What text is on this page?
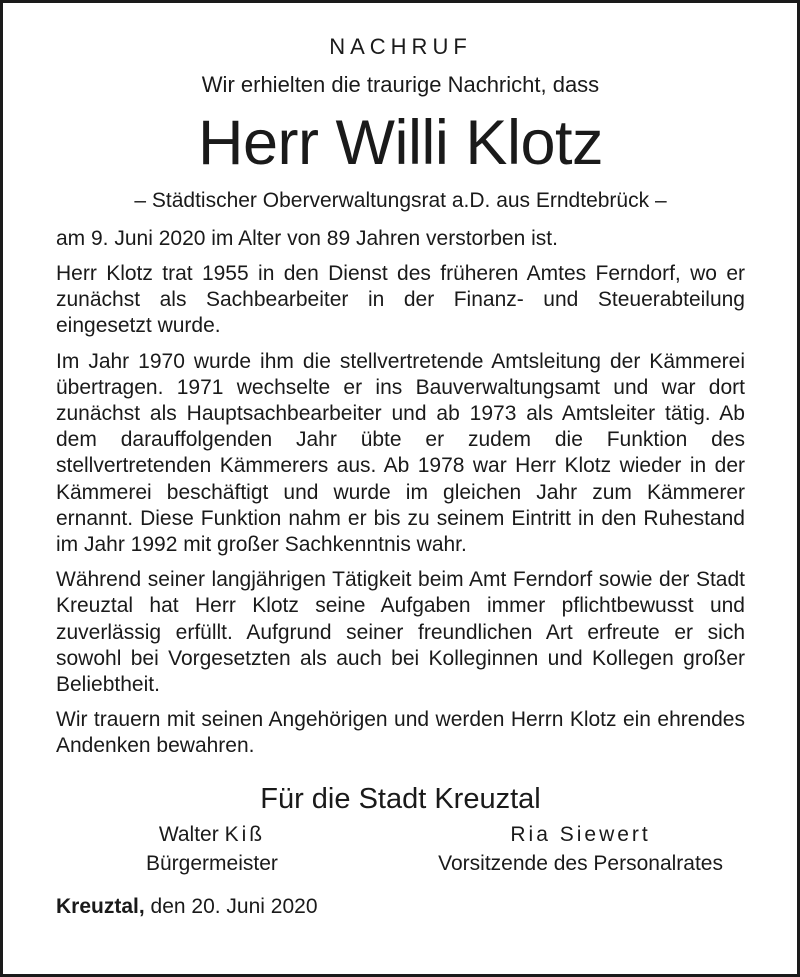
NACHRUF
Wir erhielten die traurige Nachricht, dass
Herr Willi Klotz
– Städtischer Oberverwaltungsrat a.D. aus Erndtebrück –
am 9. Juni 2020 im Alter von 89 Jahren verstorben ist.

Herr Klotz trat 1955 in den Dienst des früheren Amtes Ferndorf, wo er zunächst als Sachbearbeiter in der Finanz- und Steuerabteilung eingesetzt wurde.

Im Jahr 1970 wurde ihm die stellvertretende Amtsleitung der Kämmerei übertragen. 1971 wechselte er ins Bauverwaltungsamt und war dort zunächst als Hauptsachbearbeiter und ab 1973 als Amtsleiter tätig. Ab dem darauffolgenden Jahr übte er zudem die Funktion des stellvertretenden Kämmerers aus. Ab 1978 war Herr Klotz wieder in der Kämmerei beschäftigt und wurde im gleichen Jahr zum Kämmerer ernannt. Diese Funktion nahm er bis zu seinem Eintritt in den Ruhestand im Jahr 1992 mit großer Sachkenntnis wahr.

Während seiner langjährigen Tätigkeit beim Amt Ferndorf sowie der Stadt Kreuztal hat Herr Klotz seine Aufgaben immer pflichtbewusst und zuverlässig erfüllt. Aufgrund seiner freundlichen Art erfreute er sich sowohl bei Vorgesetzten als auch bei Kolleginnen und Kollegen großer Beliebtheit.

Wir trauern mit seinen Angehörigen und werden Herrn Klotz ein ehrendes Andenken bewahren.

Für die Stadt Kreuztal
Walter Kiß
Bürgermeister
Ria Siewert
Vorsitzende des Personalrates
Kreuztal, den 20. Juni 2020
